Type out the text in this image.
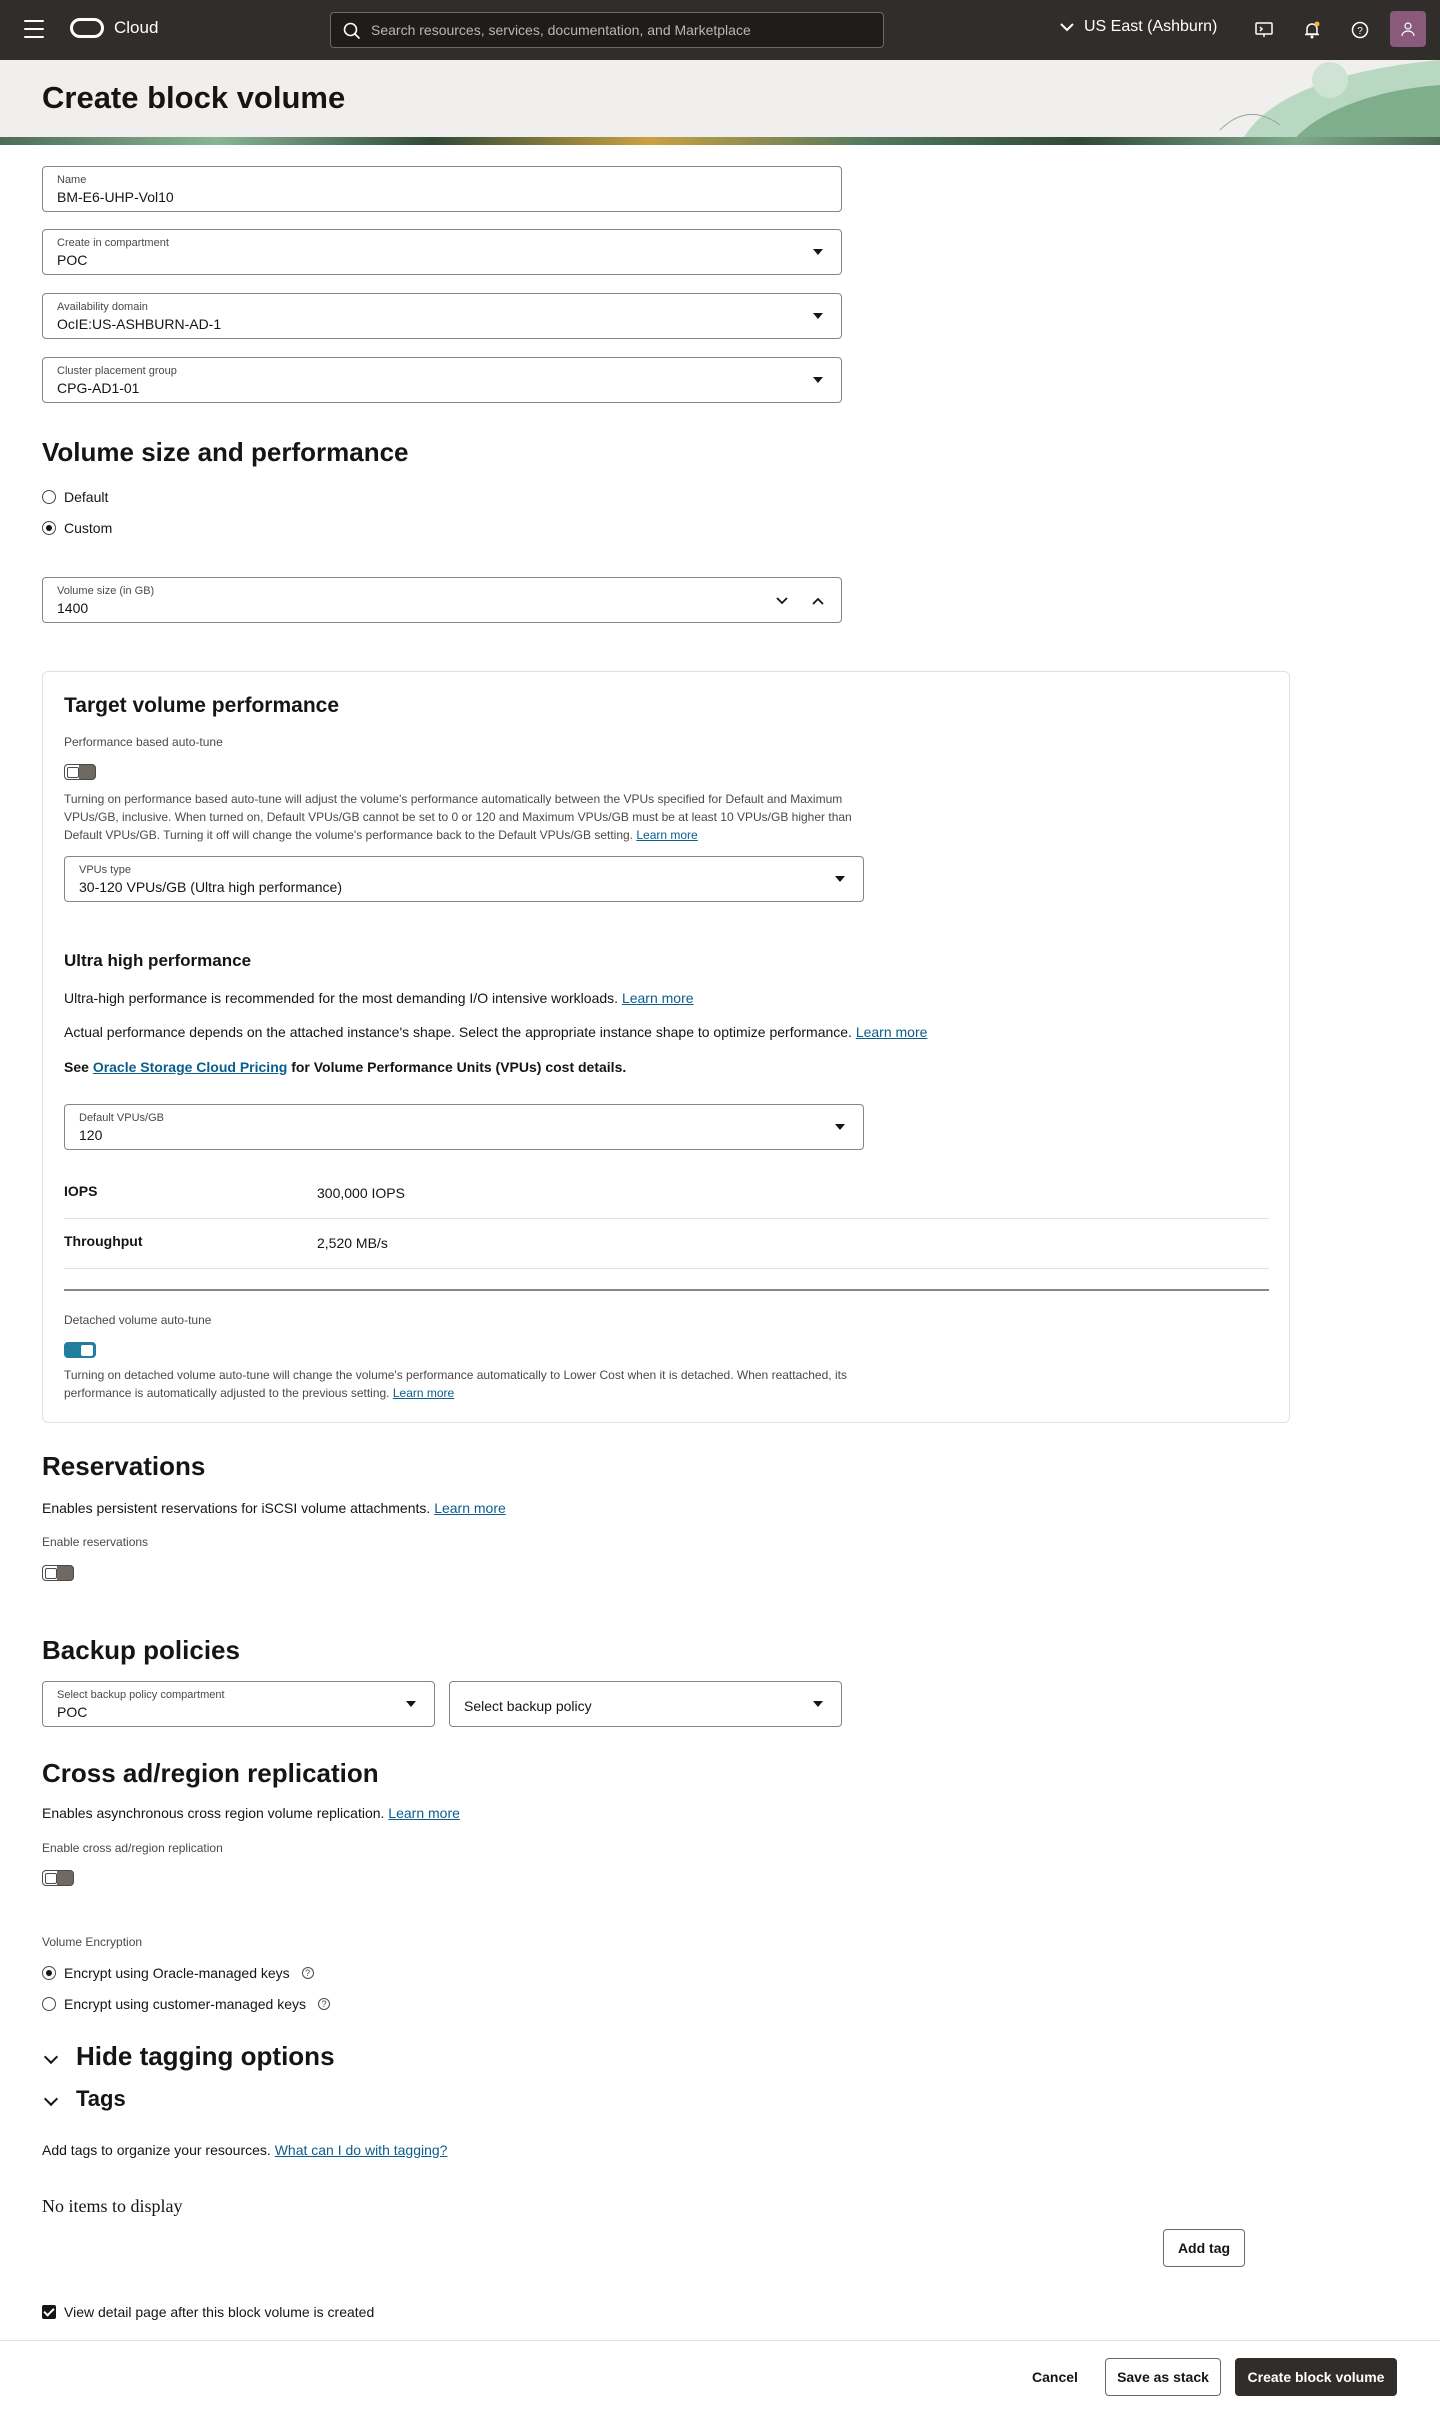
Cloud	Search resources, services, documentation, and Marketplace	US East (Ashburn)	?
Create block volume
Name
BM-E6-UHP-Vol10
Create in compartment
POC
Availability domain
OcIE:US-ASHBURN-AD-1
Cluster placement group
CPG-AD1-01
Volume size and performance
Default
Custom
Volume size (in GB)
1400
Target volume performance
Performance based auto-tune
Turning on performance based auto-tune will adjust the volume's performance automatically between the VPUs specified for Default and Maximum
VPUs/GB, inclusive. When turned on, Default VPUs/GB cannot be set to 0 or 120 and Maximum VPUs/GB must be at least 10 VPUs/GB higher than
Default VPUs/GB. Turning it off will change the volume's performance back to the Default VPUs/GB setting. Learn more
VPUs type
30-120 VPUs/GB (Ultra high performance)
Ultra high performance
Ultra-high performance is recommended for the most demanding I/O intensive workloads. Learn more
Actual performance depends on the attached instance's shape. Select the appropriate instance shape to optimize performance. Learn more
See Oracle Storage Cloud Pricing for Volume Performance Units (VPUs) cost details.
Default VPUs/GB
120
IOPS	300,000 IOPS
Throughput	2,520 MB/s
Detached volume auto-tune
Turning on detached volume auto-tune will change the volume's performance automatically to Lower Cost when it is detached. When reattached, its
performance is automatically adjusted to the previous setting. Learn more
Reservations
Enables persistent reservations for iSCSI volume attachments. Learn more
Enable reservations
Backup policies
Select backup policy compartment
POC	Select backup policy
Cross ad/region replication
Enables asynchronous cross region volume replication. Learn more
Enable cross ad/region replication
Volume Encryption
Encrypt using Oracle-managed keys	?
Encrypt using customer-managed keys	?
Hide tagging options
Tags
Add tags to organize your resources. What can I do with tagging?
No items to display
Add tag
View detail page after this block volume is created
Cancel	Save as stack	Create block volume
